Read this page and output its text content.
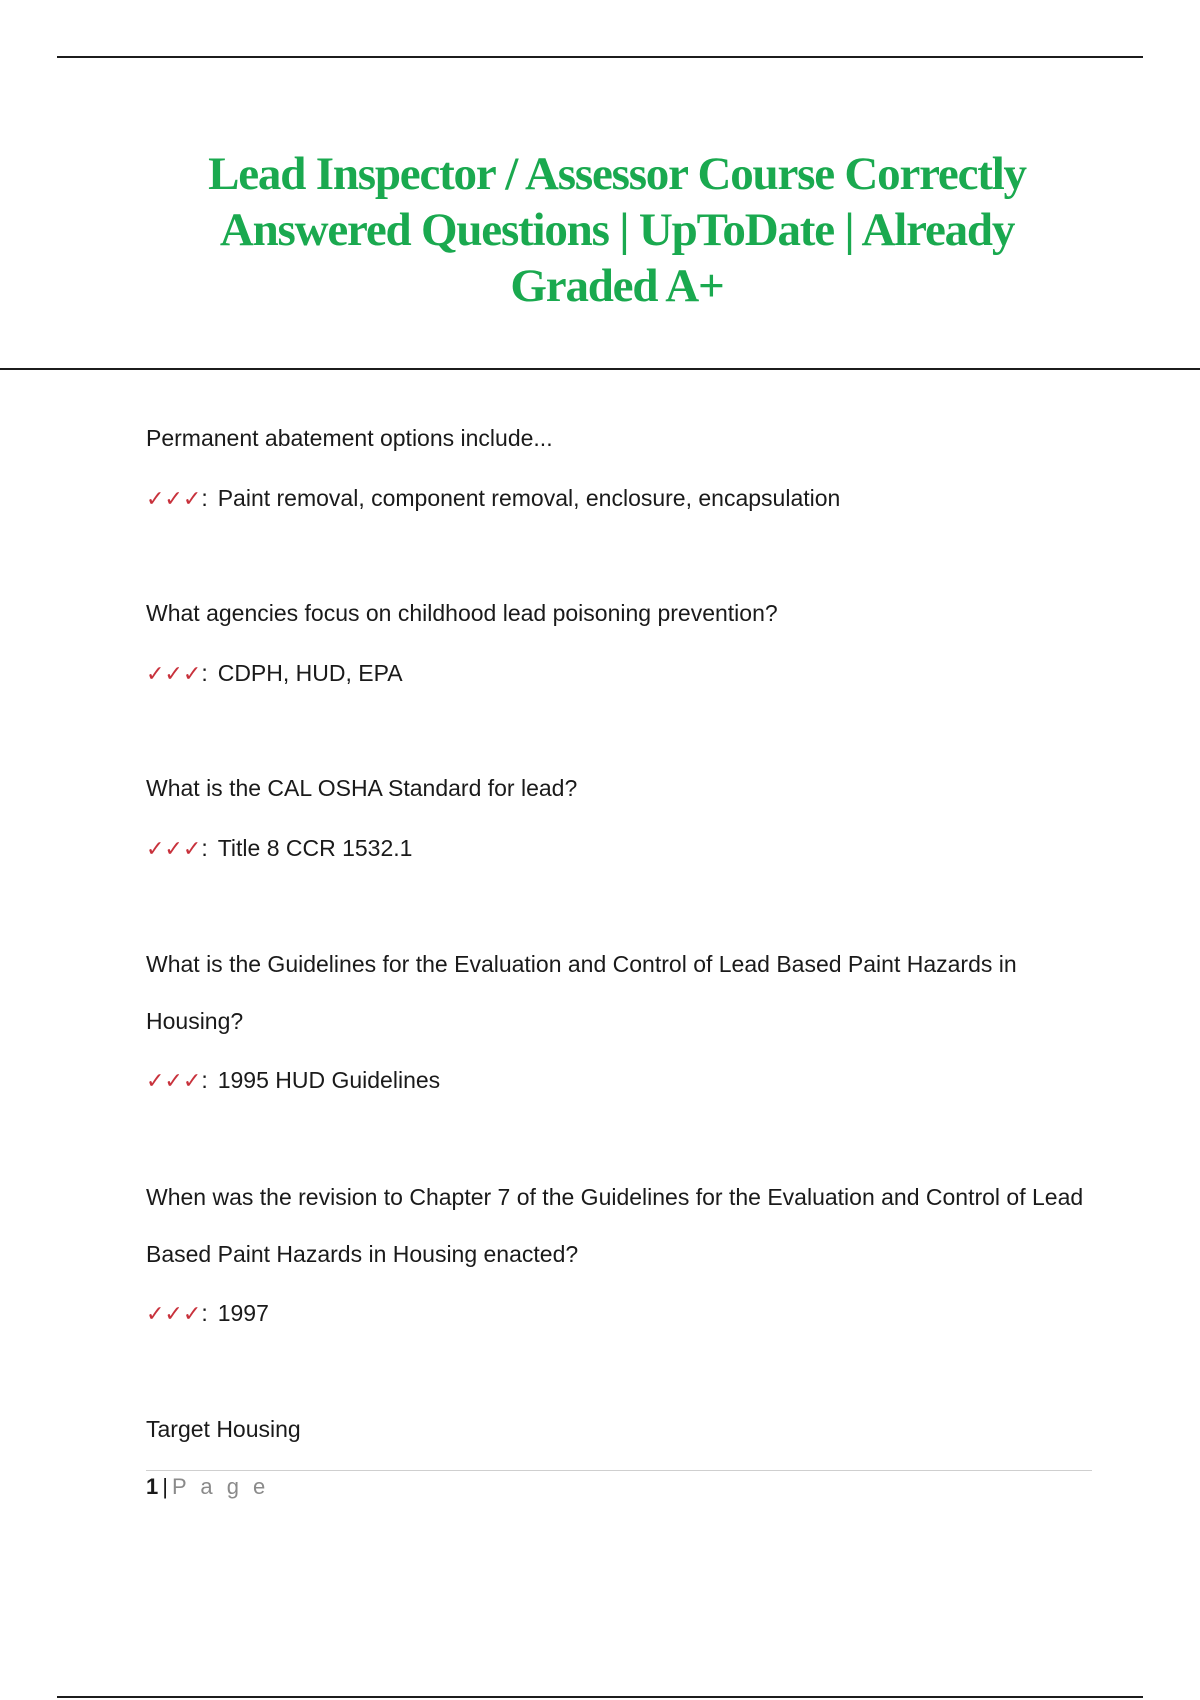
Lead Inspector / Assessor Course Correctly
Answered Questions | UpToDate | Already
Graded A+

Permanent abatement options include...

✓✓✓: Paint removal, component removal, enclosure, encapsulation

What agencies focus on childhood lead poisoning prevention?

✓✓✓: CDPH, HUD, EPA

What is the CAL OSHA Standard for lead?

✓✓✓: Title 8 CCR 1532.1

What is the Guidelines for the Evaluation and Control of Lead Based Paint Hazards in Housing?

✓✓✓: 1995 HUD Guidelines

When was the revision to Chapter 7 of the Guidelines for the Evaluation and Control of Lead Based Paint Hazards in Housing enacted?

✓✓✓: 1997

Target Housing

1 | P a g e
